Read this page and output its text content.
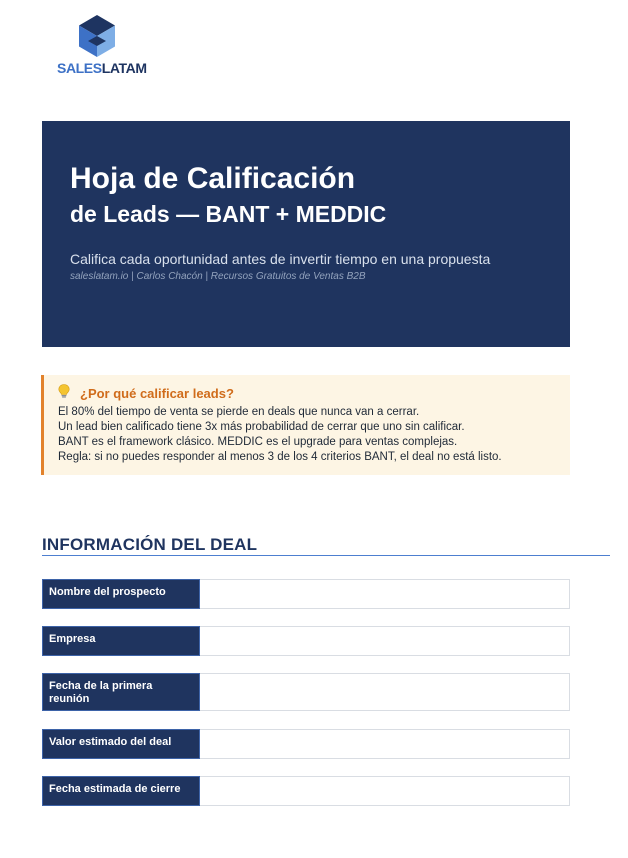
SALESLATAM
Hoja de Calificación
de Leads — BANT + MEDDIC
Califica cada oportunidad antes de invertir tiempo en una propuesta
saleslatam.io | Carlos Chacón | Recursos Gratuitos de Ventas B2B
¿Por qué calificar leads?
El 80% del tiempo de venta se pierde en deals que nunca van a cerrar.
Un lead bien calificado tiene 3x más probabilidad de cerrar que uno sin calificar.
BANT es el framework clásico. MEDDIC es el upgrade para ventas complejas.
Regla: si no puedes responder al menos 3 de los 4 criterios BANT, el deal no está listo.
INFORMACIÓN DEL DEAL
Nombre del prospecto
Empresa
Fecha de la primera reunión
Valor estimado del deal
Fecha estimada de cierre
